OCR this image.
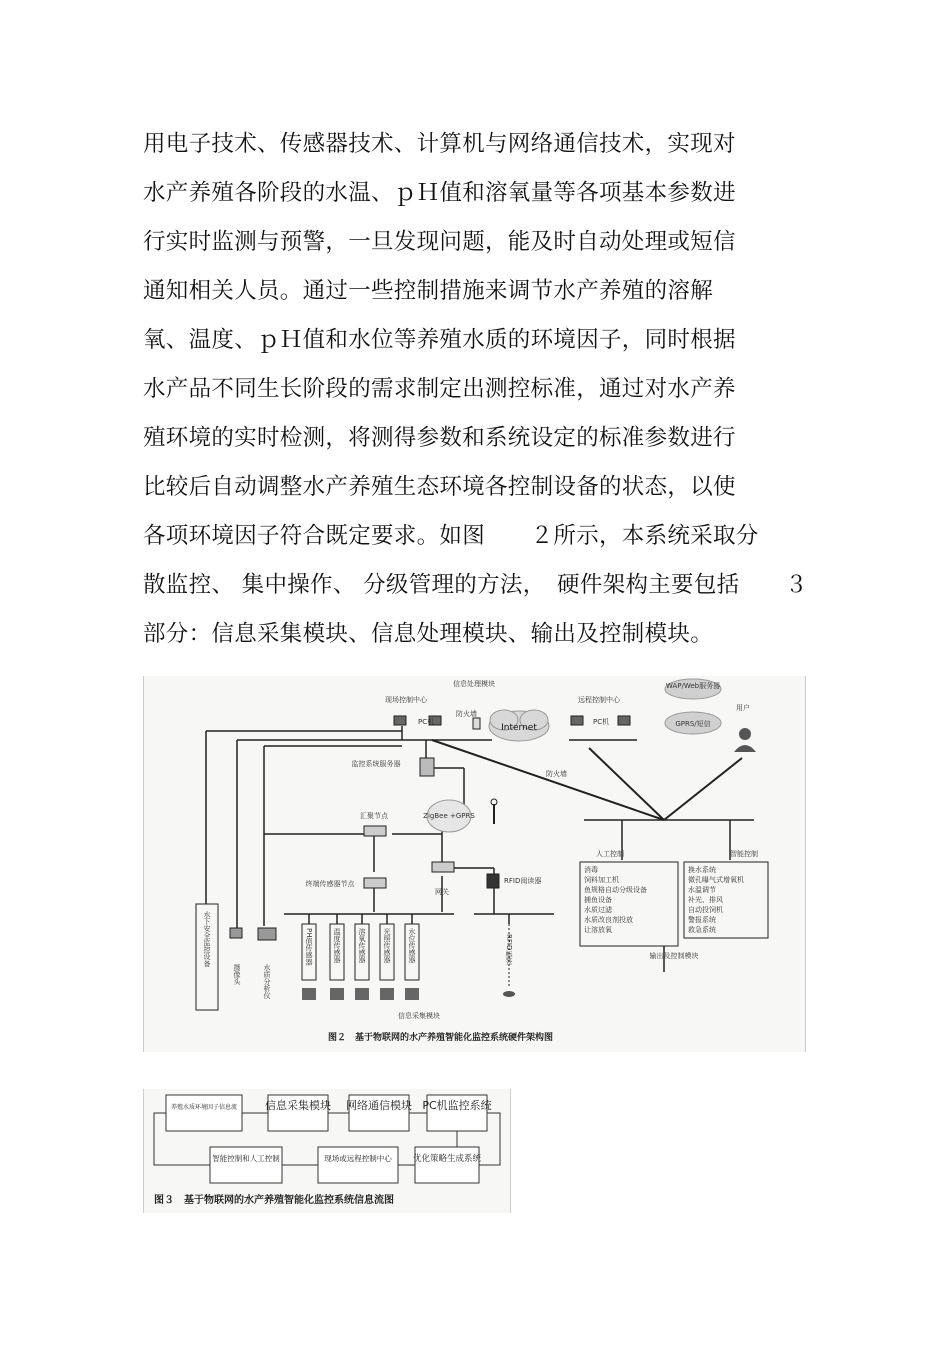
用电子技术、传感器技术、计算机与网络通信技术，实现对
水产养殖各阶段的水温、ｐＨ值和溶氧量等各项基本参数进
行实时监测与预警，一旦发现问题，能及时自动处理或短信
通知相关人员。通过一些控制措施来调节水产养殖的溶解
氧、温度、ｐＨ值和水位等养殖水质的环境因子，同时根据
水产品不同生长阶段的需求制定出测控标准，通过对水产养
殖环境的实时检测，将测得参数和系统设定的标准参数进行
比较后自动调整水产养殖生态环境各控制设备的状态，以使
各项环境因子符合既定要求。如图　　２所示，本系统采取分
散监控、 集中操作、 分级管理的方法，　硬件架构主要包括　　３
部分：信息采集模块、信息处理模块、输出及控制模块。
信息处理模块
信息采集模块
输出及控制模块
现场控制中心
PC机
防火墙
Internet
远程控制中心
PC机
WAP/Web服务器
GPRS/短信
用户
监控系统服务器
防火墙
ZigBee +GPRS
汇聚节点
终端传感器节点
网关
RFID阅读器
RFID标签
水下安全监控设备
摄像头	水质分析仪
PH值传感器	温度传感器 溶氧传感器 光照传感器 水位传感器
人工控制	智能控制
消毒
饲料加工机
鱼规格自动分级设备
捕鱼设备
水质过滤
水质改良剂投放
让溶放氧
换水系统
微孔曝气式增氧机
水温调节
补光、排风
自动投饲机
警报系统
救急系统
图２　基于物联网的水产养殖智能化监控系统硬件架构图
养殖水质环境因子信息流	信息采集模块 网络通信模块 PC机监控系统
优化策略生成系统
现场或远程控制中心
智能控制和人工控制
图３　基于物联网的水产养殖智能化监控系统信息流图
